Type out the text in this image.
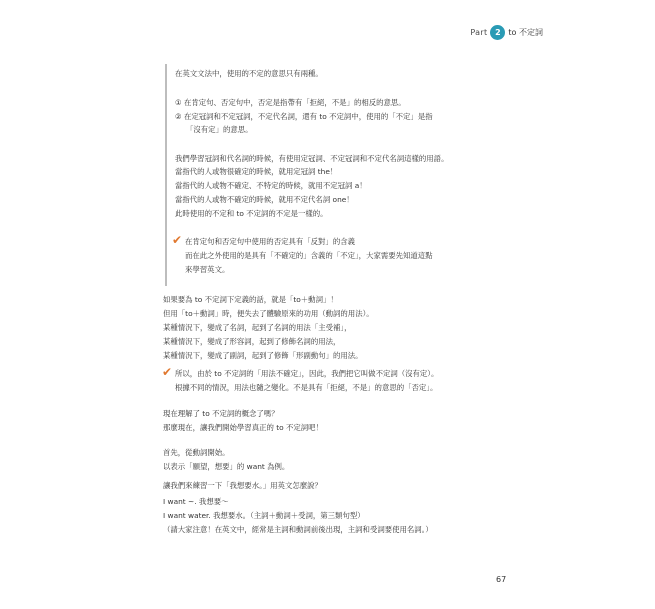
Part 2 to 不定詞
在英文文法中，使用的不定的意思只有兩種。
① 在肯定句、否定句中，否定是指帶有「拒絕，不是」的相反的意思。
② 在定冠詞和不定冠詞，不定代名詞，還有 to 不定詞中，使用的「不定」是指
「沒有定」的意思。
我們學習冠詞和代名詞的時候，有使用定冠詞、不定冠詞和不定代名詞這樣的用語。
當指代的人或物很確定的時候，就用定冠詞 the！
當指代的人或物不確定、不特定的時候，就用不定冠詞 a！
當指代的人或物不確定的時候，就用不定代名詞 one！
此時使用的不定和 to 不定詞的不定是一樣的。
✔ 在肯定句和否定句中使用的否定具有「反對」的含義
而在此之外使用的是具有「不確定的」含義的「不定」，大家需要先知道這點
來學習英文。
如果要為 to 不定詞下定義的話，就是「to＋動詞」！
但用「to＋動詞」時，便失去了體驗原來的功用（動詞的用法）。
某種情況下，變成了名詞，起到了名詞的用法「主受補」，
某種情況下，變成了形容詞，起到了修飾名詞的用法，
某種情況下，變成了副詞，起到了修飾「形副動句」的用法。
✔ 所以，由於 to 不定詞的「用法不確定」，因此，我們把它叫做不定詞（沒有定）。
根據不同的情況，用法也隨之變化。不是具有「拒絕，不是」的意思的「否定」。
現在理解了 to 不定詞的概念了嗎？
那麼現在，讓我們開始學習真正的 to 不定詞吧！
首先，從動詞開始。
以表示「願望，想要」的 want 為例。
讓我們來練習一下「我想要水。」用英文怎麼說？
I want ~. 我想要～
I want water. 我想要水。（主詞＋動詞＋受詞，第三類句型）
（請大家注意！在英文中，經常是主詞和動詞前後出現，主詞和受詞要使用名詞。）
67
